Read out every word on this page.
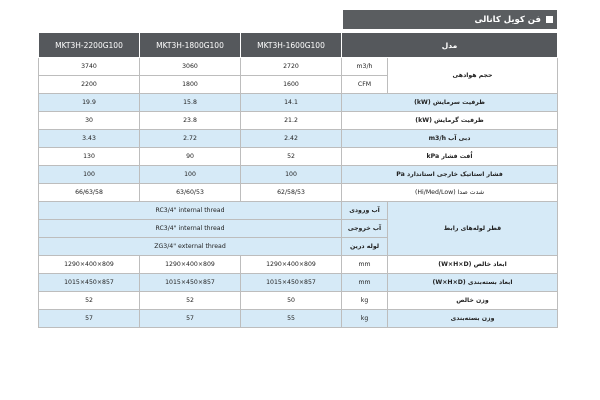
فن کویل کانالی
MKT3H-2200G100	MKT3H-1800G100	MKT3H-1600G100	مدل	
3740	3060	2720	m3/h	حجم هوادهی
2200	1800	1600	CFM	
19.9	15.8	14.1	ظرفیت سرمایش (kW)	
30	23.8	21.2	ظرفیت گرمایش (kW)	
3.43	2.72	2.42	دبی آب m3/h	
130	90	52	اُفت فشار kPa	
100	100	100	فشار استاتیک خارجی استاندارد Pa	
66/63/58	63/60/53	62/58/53	شدت صدا (Hi/Med/Low)	
RC3/4" internal thread			آب ورودی	قطر لوله‌های رابط
RC3/4" internal thread			آب خروجی	
ZG3/4" external thread			لوله درین	
1290×400×809	1290×400×809	1290×400×809	mm	ابعاد خالص (W×H×D)
1015×450×857	1015×450×857	1015×450×857	mm	ابعاد بسته‌بندی (W×H×D)
52	52	50	kg	وزن خالص
57	57	55	kg	وزن بسته‌بندی
